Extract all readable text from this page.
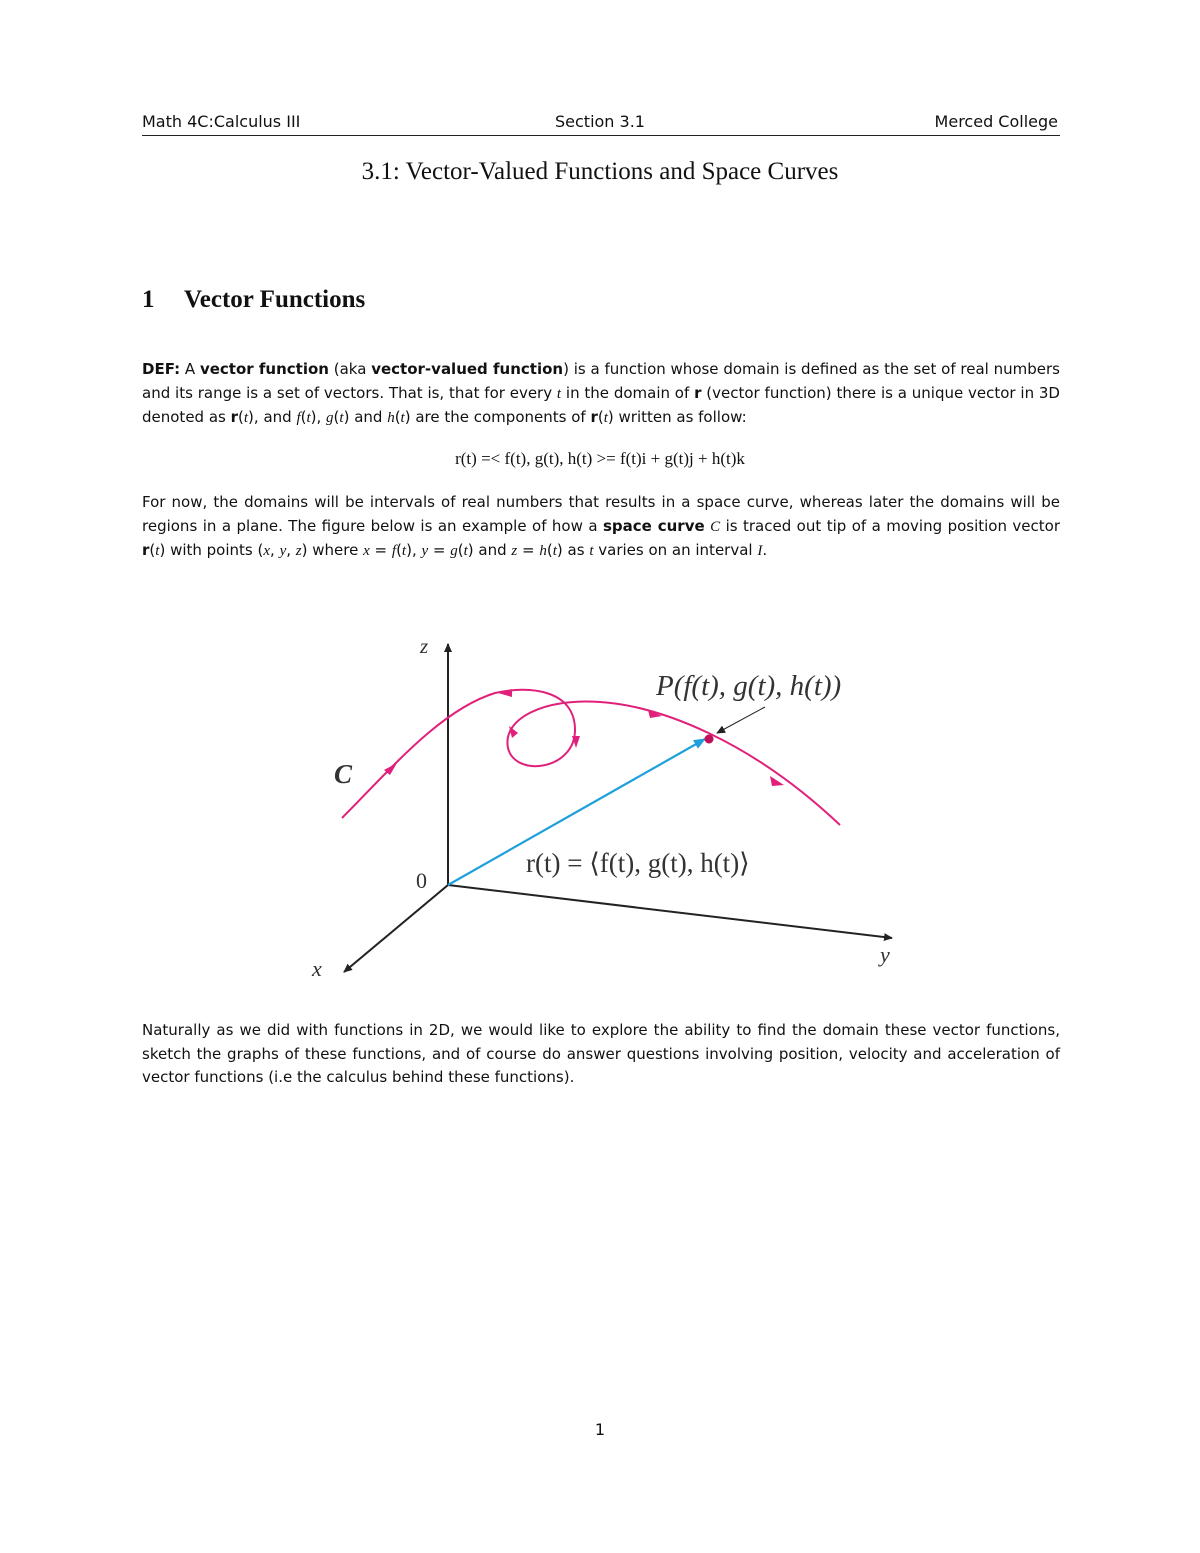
Math 4C:Calculus III	Section 3.1	Merced College
3.1: Vector-Valued Functions and Space Curves
1 Vector Functions
DEF: A vector function (aka vector-valued function) is a function whose domain is defined as the set of real numbers and its range is a set of vectors. That is, that for every t in the domain of r (vector function) there is a unique vector in 3D denoted as r(t), and f(t), g(t) and h(t) are the components of r(t) written as follow:
r(t) =< f(t), g(t), h(t) >= f(t)i + g(t)j + h(t)k
For now, the domains will be intervals of real numbers that results in a space curve, whereas later the domains will be regions in a plane. The figure below is an example of how a space curve C is traced out tip of a moving position vector r(t) with points (x, y, z) where x = f(t), y = g(t) and z = h(t) as t varies on an interval I.
z
x
y
0
C
P(f(t), g(t), h(t))
r(t) = ⟨f(t), g(t), h(t)⟩
Naturally as we did with functions in 2D, we would like to explore the ability to find the domain these vector functions, sketch the graphs of these functions, and of course do answer questions involving position, velocity and acceleration of vector functions (i.e the calculus behind these functions).
1
